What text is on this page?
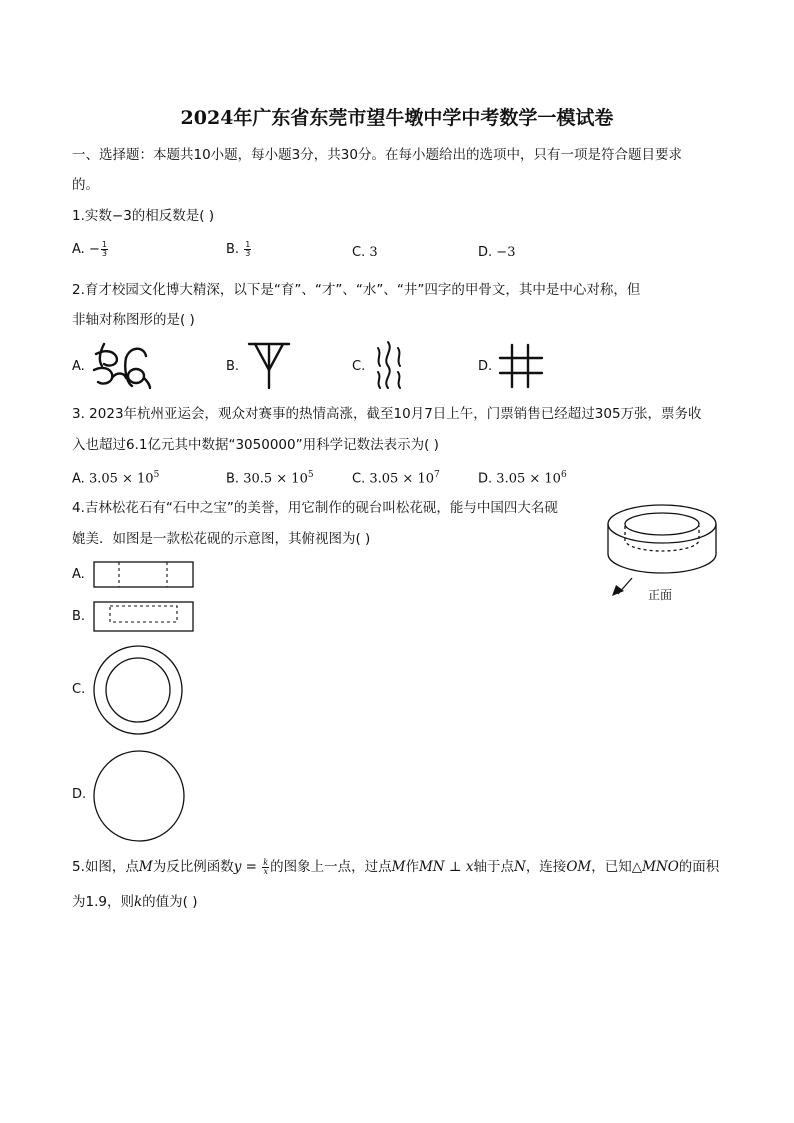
2024年广东省东莞市望牛墩中学中考数学一模试卷
一、选择题：本题共10小题，每小题3分，共30分。在每小题给出的选项中，只有一项是符合题目要求
的。
1.实数−3的相反数是( )
A. − $\frac{1}{3}$	B. $\frac{1}{3}$	C. 3	D. −3
2.育才校园文化博大精深，以下是“育”、“才”、“水”、“井”四字的甲骨文，其中是中心对称，但
非轴对称图形的是( )
A.	B.	C.	D.
3. 2023年杭州亚运会，观众对赛事的热情高涨，截至10月7日上午，门票销售已经超过305万张，票务收
入也超过6.1亿元其中数据“3050000”用科学记数法表示为( )
A. $3.05 \times 10^5$	B. $30.5 \times 10^5$	C. $3.05 \times 10^7$	D. $3.05 \times 10^6$
4.吉林松花石有“石中之宝”的美誉，用它制作的砚台叫松花砚，能与中国四大名砚
媲美．如图是一款松花砚的示意图，其俯视图为( )
正面
A.
B.
C.
D.
5.如图，点M为反比例函数$y = \frac{k}{x}$ 的图象上一点，过点M作MN ⊥ x轴于点N，连接OM，已知△MNO的面积
为1.9，则k的值为( )
